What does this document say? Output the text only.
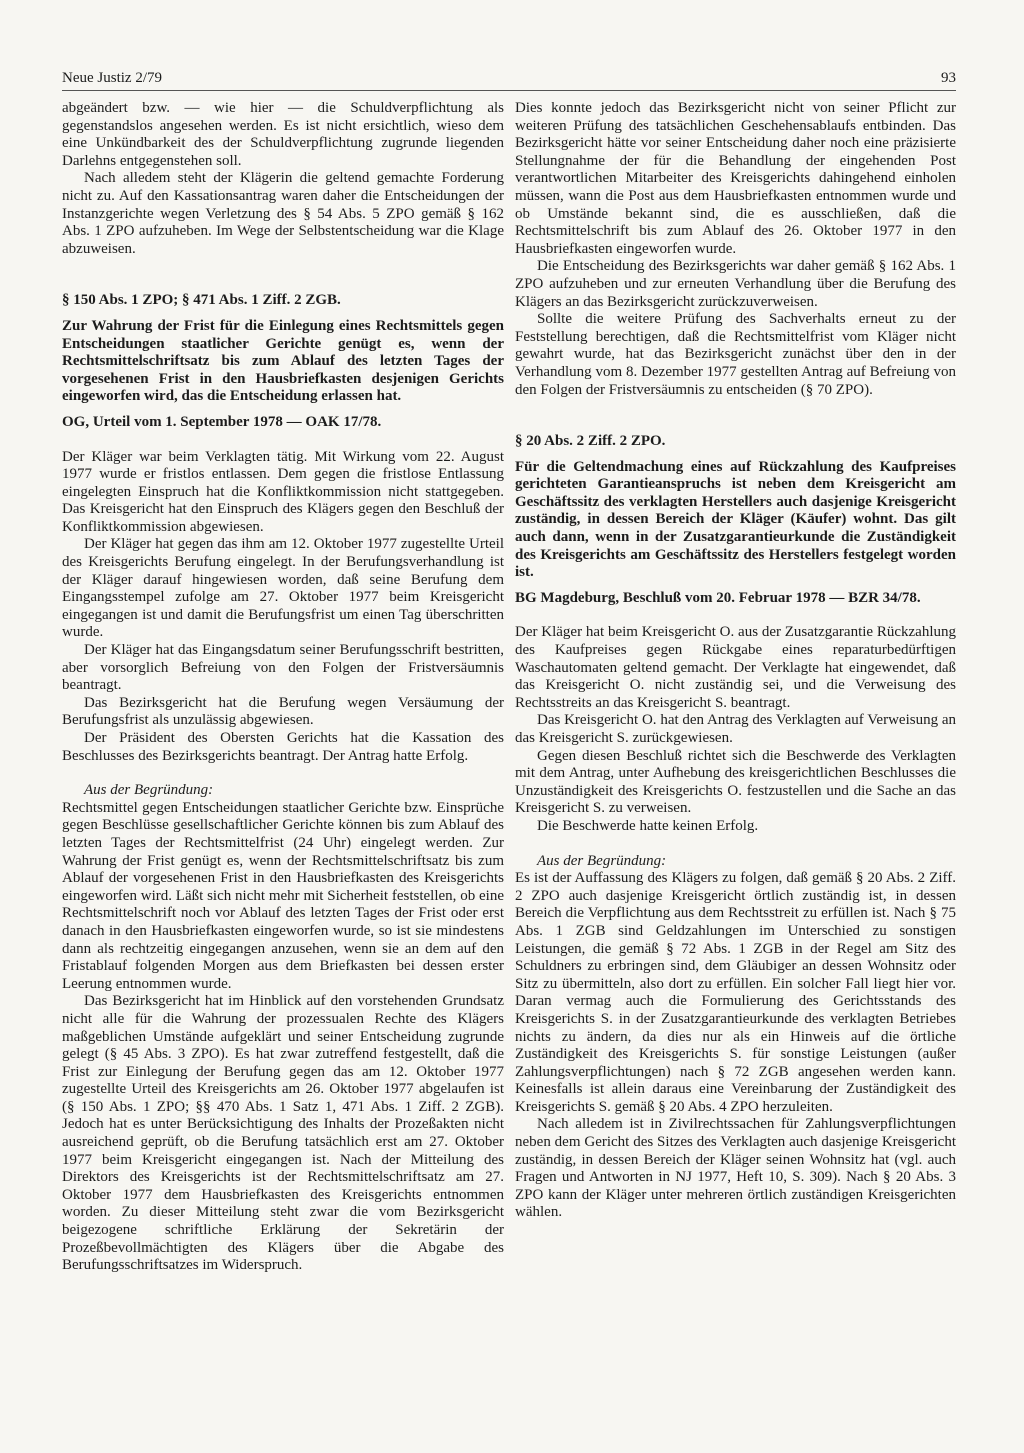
Neue Justiz 2/79	93

abgeändert bzw. — wie hier — die Schuldverpflichtung als gegenstandslos angesehen werden. Es ist nicht ersichtlich, wieso dem eine Unkündbarkeit des der Schuldverpflichtung zugrunde liegenden Darlehns entgegenstehen soll.

Nach alledem steht der Klägerin die geltend gemachte Forderung nicht zu. Auf den Kassationsantrag waren daher die Entscheidungen der Instanzgerichte wegen Verletzung des § 54 Abs. 5 ZPO gemäß § 162 Abs. 1 ZPO aufzuheben. Im Wege der Selbstentscheidung war die Klage abzuweisen.

§ 150 Abs. 1 ZPO; § 471 Abs. 1 Ziff. 2 ZGB.

Zur Wahrung der Frist für die Einlegung eines Rechtsmittels gegen Entscheidungen staatlicher Gerichte genügt es, wenn der Rechtsmittelschriftsatz bis zum Ablauf des letzten Tages der vorgesehenen Frist in den Hausbriefkasten desjenigen Gerichts eingeworfen wird, das die Entscheidung erlassen hat.

OG, Urteil vom 1. September 1978 — OAK 17/78.

Der Kläger war beim Verklagten tätig. Mit Wirkung vom 22. August 1977 wurde er fristlos entlassen. Dem gegen die fristlose Entlassung eingelegten Einspruch hat die Konfliktkommission nicht stattgegeben. Das Kreisgericht hat den Einspruch des Klägers gegen den Beschluß der Konfliktkommission abgewiesen.

Der Kläger hat gegen das ihm am 12. Oktober 1977 zugestellte Urteil des Kreisgerichts Berufung eingelegt. In der Berufungsverhandlung ist der Kläger darauf hingewiesen worden, daß seine Berufung dem Eingangsstempel zufolge am 27. Oktober 1977 beim Kreisgericht eingegangen ist und damit die Berufungsfrist um einen Tag überschritten wurde.

Der Kläger hat das Eingangsdatum seiner Berufungsschrift bestritten, aber vorsorglich Befreiung von den Folgen der Fristversäumnis beantragt.

Das Bezirksgericht hat die Berufung wegen Versäumung der Berufungsfrist als unzulässig abgewiesen.

Der Präsident des Obersten Gerichts hat die Kassation des Beschlusses des Bezirksgerichts beantragt. Der Antrag hatte Erfolg.

Aus der Begründung:

Rechtsmittel gegen Entscheidungen staatlicher Gerichte bzw. Einsprüche gegen Beschlüsse gesellschaftlicher Gerichte können bis zum Ablauf des letzten Tages der Rechtsmittelfrist (24 Uhr) eingelegt werden. Zur Wahrung der Frist genügt es, wenn der Rechtsmittelschriftsatz bis zum Ablauf der vorgesehenen Frist in den Hausbriefkasten des Kreisgerichts eingeworfen wird. Läßt sich nicht mehr mit Sicherheit feststellen, ob eine Rechtsmittelschrift noch vor Ablauf des letzten Tages der Frist oder erst danach in den Hausbriefkasten eingeworfen wurde, so ist sie mindestens dann als rechtzeitig eingegangen anzusehen, wenn sie an dem auf den Fristablauf folgenden Morgen aus dem Briefkasten bei dessen erster Leerung entnommen wurde.

Das Bezirksgericht hat im Hinblick auf den vorstehenden Grundsatz nicht alle für die Wahrung der prozessualen Rechte des Klägers maßgeblichen Umstände aufgeklärt und seiner Entscheidung zugrunde gelegt (§ 45 Abs. 3 ZPO). Es hat zwar zutreffend festgestellt, daß die Frist zur Einlegung der Berufung gegen das am 12. Oktober 1977 zugestellte Urteil des Kreisgerichts am 26. Oktober 1977 abgelaufen ist (§ 150 Abs. 1 ZPO; §§ 470 Abs. 1 Satz 1, 471 Abs. 1 Ziff. 2 ZGB). Jedoch hat es unter Berücksichtigung des Inhalts der Prozeßakten nicht ausreichend geprüft, ob die Berufung tatsächlich erst am 27. Oktober 1977 beim Kreisgericht eingegangen ist. Nach der Mitteilung des Direktors des Kreisgerichts ist der Rechtsmittelschriftsatz am 27. Oktober 1977 dem Hausbriefkasten des Kreisgerichts entnommen worden. Zu dieser Mitteilung steht zwar die vom Bezirksgericht beigezogene schriftliche Erklärung der Sekretärin der Prozeßbevollmächtigten des Klägers über die Abgabe des Berufungsschriftsatzes im Widerspruch.

Dies konnte jedoch das Bezirksgericht nicht von seiner Pflicht zur weiteren Prüfung des tatsächlichen Geschehensablaufs entbinden. Das Bezirksgericht hätte vor seiner Entscheidung daher noch eine präzisierte Stellungnahme der für die Behandlung der eingehenden Post verantwortlichen Mitarbeiter des Kreisgerichts dahingehend einholen müssen, wann die Post aus dem Hausbriefkasten entnommen wurde und ob Umstände bekannt sind, die es ausschließen, daß die Rechtsmittelschrift bis zum Ablauf des 26. Oktober 1977 in den Hausbriefkasten eingeworfen wurde.

Die Entscheidung des Bezirksgerichts war daher gemäß § 162 Abs. 1 ZPO aufzuheben und zur erneuten Verhandlung über die Berufung des Klägers an das Bezirksgericht zurückzuverweisen.

Sollte die weitere Prüfung des Sachverhalts erneut zu der Feststellung berechtigen, daß die Rechtsmittelfrist vom Kläger nicht gewahrt wurde, hat das Bezirksgericht zunächst über den in der Verhandlung vom 8. Dezember 1977 gestellten Antrag auf Befreiung von den Folgen der Fristversäumnis zu entscheiden (§ 70 ZPO).

§ 20 Abs. 2 Ziff. 2 ZPO.

Für die Geltendmachung eines auf Rückzahlung des Kaufpreises gerichteten Garantieanspruchs ist neben dem Kreisgericht am Geschäftssitz des verklagten Herstellers auch dasjenige Kreisgericht zuständig, in dessen Bereich der Kläger (Käufer) wohnt. Das gilt auch dann, wenn in der Zusatzgarantieurkunde die Zuständigkeit des Kreisgerichts am Geschäftssitz des Herstellers festgelegt worden ist.

BG Magdeburg, Beschluß vom 20. Februar 1978 — BZR 34/78.

Der Kläger hat beim Kreisgericht O. aus der Zusatzgarantie Rückzahlung des Kaufpreises gegen Rückgabe eines reparaturbedürftigen Waschautomaten geltend gemacht. Der Verklagte hat eingewendet, daß das Kreisgericht O. nicht zuständig sei, und die Verweisung des Rechtsstreits an das Kreisgericht S. beantragt.

Das Kreisgericht O. hat den Antrag des Verklagten auf Verweisung an das Kreisgericht S. zurückgewiesen.

Gegen diesen Beschluß richtet sich die Beschwerde des Verklagten mit dem Antrag, unter Aufhebung des kreisgerichtlichen Beschlusses die Unzuständigkeit des Kreisgerichts O. festzustellen und die Sache an das Kreisgericht S. zu verweisen.

Die Beschwerde hatte keinen Erfolg.

Aus der Begründung:

Es ist der Auffassung des Klägers zu folgen, daß gemäß § 20 Abs. 2 Ziff. 2 ZPO auch dasjenige Kreisgericht örtlich zuständig ist, in dessen Bereich die Verpflichtung aus dem Rechtsstreit zu erfüllen ist. Nach § 75 Abs. 1 ZGB sind Geldzahlungen im Unterschied zu sonstigen Leistungen, die gemäß § 72 Abs. 1 ZGB in der Regel am Sitz des Schuldners zu erbringen sind, dem Gläubiger an dessen Wohnsitz oder Sitz zu übermitteln, also dort zu erfüllen. Ein solcher Fall liegt hier vor. Daran vermag auch die Formulierung des Gerichtsstands des Kreisgerichts S. in der Zusatzgarantieurkunde des verklagten Betriebes nichts zu ändern, da dies nur als ein Hinweis auf die örtliche Zuständigkeit des Kreisgerichts S. für sonstige Leistungen (außer Zahlungsverpflichtungen) nach § 72 ZGB angesehen werden kann. Keinesfalls ist allein daraus eine Vereinbarung der Zuständigkeit des Kreisgerichts S. gemäß § 20 Abs. 4 ZPO herzuleiten.

Nach alledem ist in Zivilrechtssachen für Zahlungsverpflichtungen neben dem Gericht des Sitzes des Verklagten auch dasjenige Kreisgericht zuständig, in dessen Bereich der Kläger seinen Wohnsitz hat (vgl. auch Fragen und Antworten in NJ 1977, Heft 10, S. 309). Nach § 20 Abs. 3 ZPO kann der Kläger unter mehreren örtlich zuständigen Kreisgerichten wählen.
